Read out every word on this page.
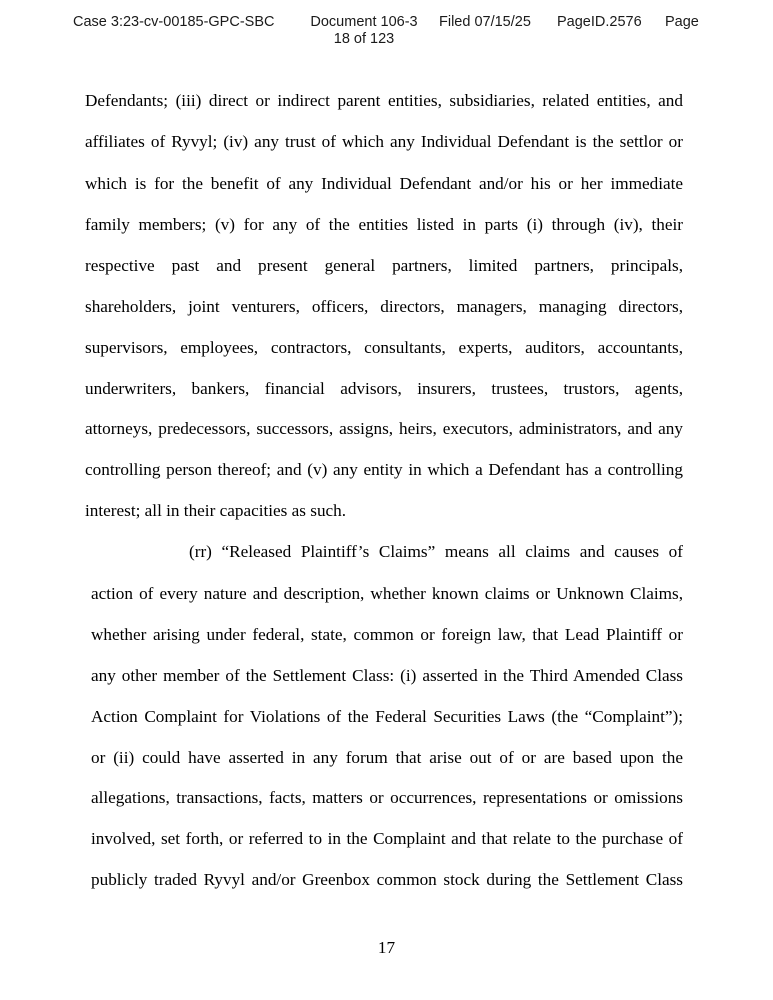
Case 3:23-cv-00185-GPC-SBC	Document 106-3
18 of 123
Filed 07/15/25 PageID.2576 Page
Defendants; (iii) direct or indirect parent entities, subsidiaries, related entities, and
affiliates of Ryvyl; (iv) any trust of which any Individual Defendant is the settlor or
which is for the benefit of any Individual Defendant and/or his or her immediate
family members; (v) for any of the entities listed in parts (i) through (iv), their
respective past and present general partners, limited partners, principals,
shareholders, joint venturers, officers, directors, managers, managing directors,
supervisors, employees, contractors, consultants, experts, auditors, accountants,
underwriters, bankers, financial advisors, insurers, trustees, trustors, agents,
attorneys, predecessors, successors, assigns, heirs, executors, administrators, and any
controlling person thereof; and (v) any entity in which a Defendant has a controlling
interest; all in their capacities as such.
(rr) “Released Plaintiff’s Claims” means all claims and causes of
action of every nature and description, whether known claims or Unknown Claims,
whether arising under federal, state, common or foreign law, that Lead Plaintiff or
any other member of the Settlement Class: (i) asserted in the Third Amended Class
Action Complaint for Violations of the Federal Securities Laws (the “Complaint”);
or (ii) could have asserted in any forum that arise out of or are based upon the
allegations, transactions, facts, matters or occurrences, representations or omissions
involved, set forth, or referred to in the Complaint and that relate to the purchase of
publicly traded Ryvyl and/or Greenbox common stock during the Settlement Class
17
